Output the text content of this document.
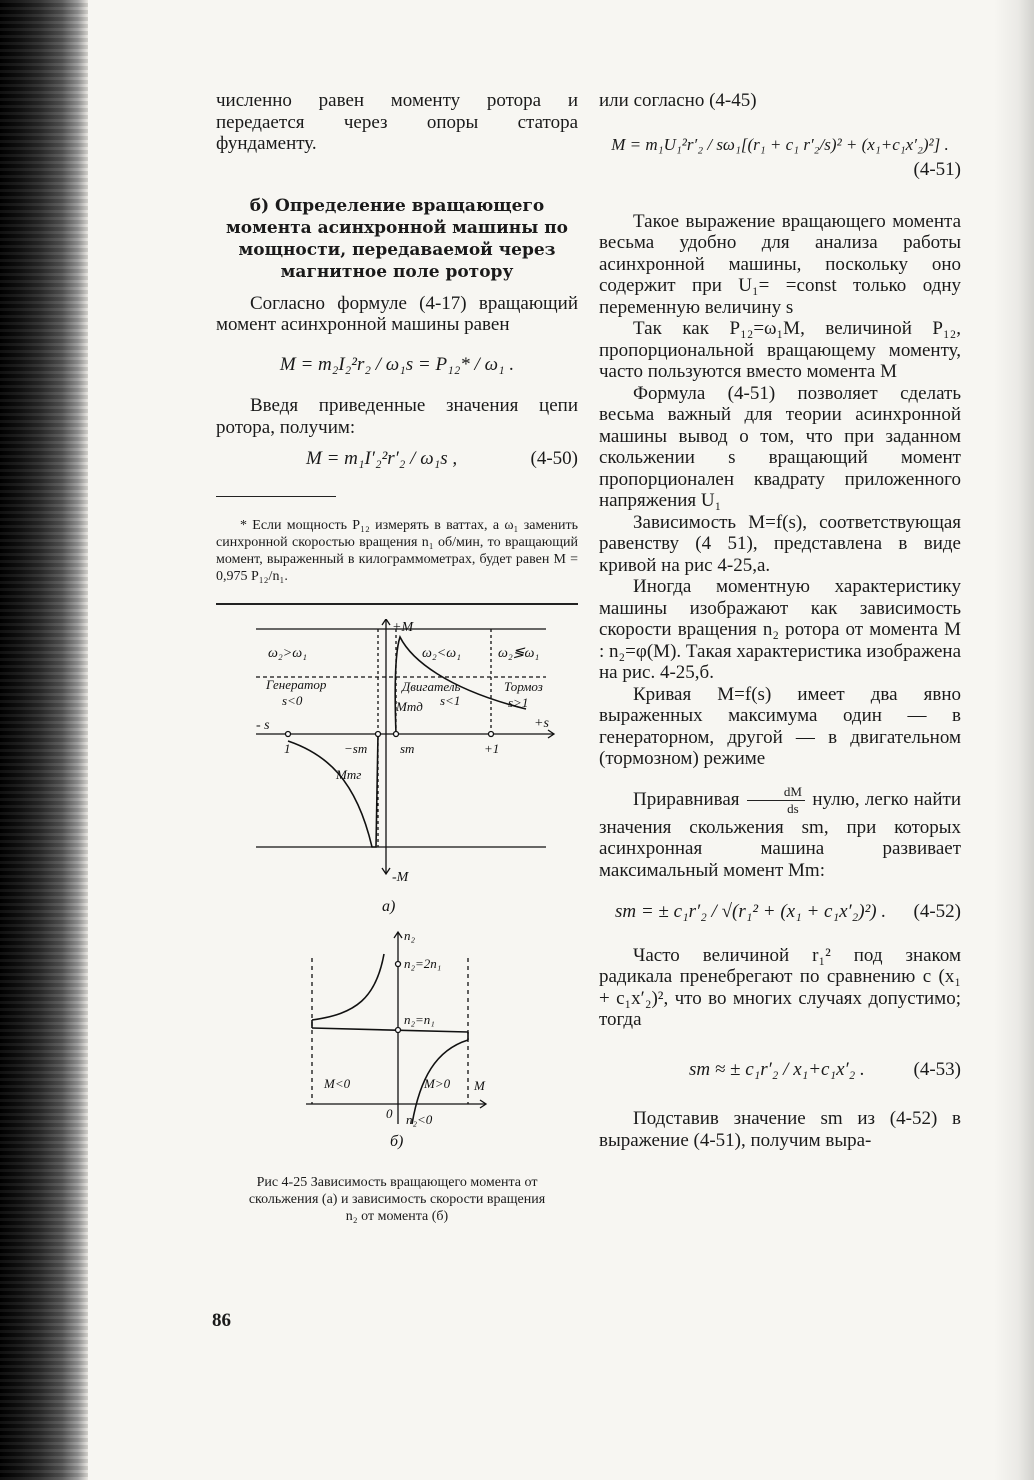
численно равен моменту ротора и передается через опоры статора фундаменту.

б) Определение вращающего момента асинхронной машины по мощности, передаваемой через магнитное поле ротору

Согласно формуле (4-17) вращающий момент асинхронной машины равен

M = m₂I₂²r₂ / ω₁s = P₁₂* / ω₁ .

Введя приведенные значения цепи ротора, получим:

M = m₁I′₂²r′₂ / ω₁s ,	(4-50)

* Если мощность P₁₂ измерять в ваттах, а ω₁ заменить синхронной скоростью вращения n₁ об/мин, то вращающий момент, выраженный в килограммометрах, будет равен M = 0,975 P₁₂/n₁.

+M
-M
- s	+s
ω₂>ω₁	ω₂<ω₁	ω₂≶ω₁
Генератор
s<0
Двигатель
s<1
Тормоз
s>1
Mmд
Mmг
1	−sm	sm	+1
а)

n₂
n₂=2n₁
n₂=n₁
M<0	M>0 M
0 n₂<0
б)
Рис 4-25 Зависимость вращающего момента от скольжения (а) и зависимость скорости вращения n₂ от момента (б)
86

или согласно (4-45)

M = m₁U₁²r′₂ / sω₁[(r₁ + c₁ r′₂/s)² + (x₁+c₁x′₂)²] .
(4-51)

Такое выражение вращающего момента весьма удобно для анализа работы асинхронной машины, поскольку оно содержит при U₁= =const только одну переменную величину s

Так как P₁₂=ω₁M, величиной P₁₂, пропорциональной вращающему моменту, часто пользуются вместо момента M

Формула (4-51) позволяет сделать весьма важный для теории асинхронной машины вывод о том, что при заданном скольжении s вращающий момент пропорционален квадрату приложенного напряжения U₁

Зависимость M=f(s), соответствующая равенству (4 51), представлена в виде кривой на рис 4-25,а.

Иногда моментную характеристику машины изображают как зависимость скорости вращения n₂ ротора от момента M : n₂=φ(M). Такая характеристика изображена на рис. 4-25,б.

Кривая M=f(s) имеет два явно выраженных максимума один — в генераторном, другой — в двигательном (тормозном) режиме

Приравнивая $\frac{dM}{ds}$ нулю, легко найти значения скольжения sm, при которых асинхронная машина развивает максимальный момент Mm:

sm = ± c₁r′₂ / √(r₁² + (x₁ + c₁x′₂)²) . (4-52)

Часто величиной r₁² под знаком радикала пренебрегают по сравнению с (x₁ + c₁x′₂)², что во многих случаях допустимо; тогда

sm ≈ ± c₁r′₂ / x₁+c₁x′₂ .	(4-53)

Подставив значение sm из (4-52) в выражение (4-51), получим выра-
